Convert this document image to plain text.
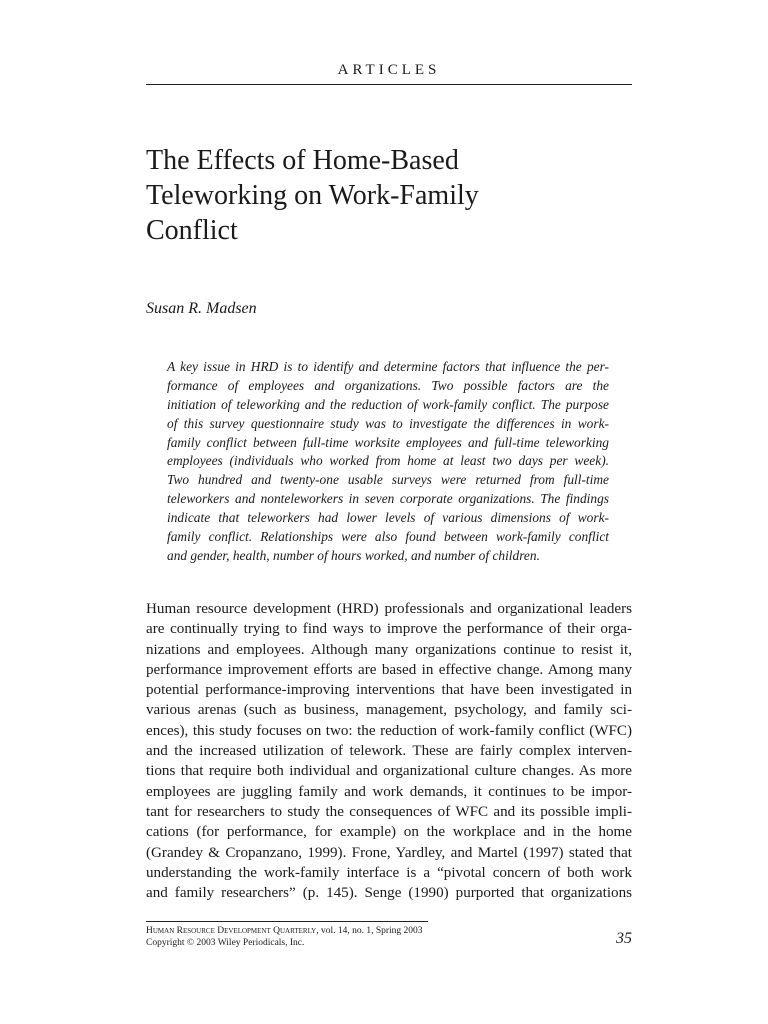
ARTICLES
The Effects of Home-Based
Teleworking on Work-Family
Conflict
Susan R. Madsen
A key issue in HRD is to identify and determine factors that influence the per-
formance of employees and organizations. Two possible factors are the
initiation of teleworking and the reduction of work-family conflict. The purpose
of this survey questionnaire study was to investigate the differences in work-
family conflict between full-time worksite employees and full-time teleworking
employees (individuals who worked from home at least two days per week).
Two hundred and twenty-one usable surveys were returned from full-time
teleworkers and nonteleworkers in seven corporate organizations. The findings
indicate that teleworkers had lower levels of various dimensions of work-
family conflict. Relationships were also found between work-family conflict
and gender, health, number of hours worked, and number of children.
Human resource development (HRD) professionals and organizational leaders
are continually trying to find ways to improve the performance of their orga-
nizations and employees. Although many organizations continue to resist it,
performance improvement efforts are based in effective change. Among many
potential performance-improving interventions that have been investigated in
various arenas (such as business, management, psychology, and family sci-
ences), this study focuses on two: the reduction of work-family conflict (WFC)
and the increased utilization of telework. These are fairly complex interven-
tions that require both individual and organizational culture changes. As more
employees are juggling family and work demands, it continues to be impor-
tant for researchers to study the consequences of WFC and its possible impli-
cations (for performance, for example) on the workplace and in the home
(Grandey & Cropanzano, 1999). Frone, Yardley, and Martel (1997) stated that
understanding the work-family interface is a “pivotal concern of both work
and family researchers” (p. 145). Senge (1990) purported that organizations
Human Resource Development Quarterly, vol. 14, no. 1, Spring 2003
Copyright © 2003 Wiley Periodicals, Inc.	35
